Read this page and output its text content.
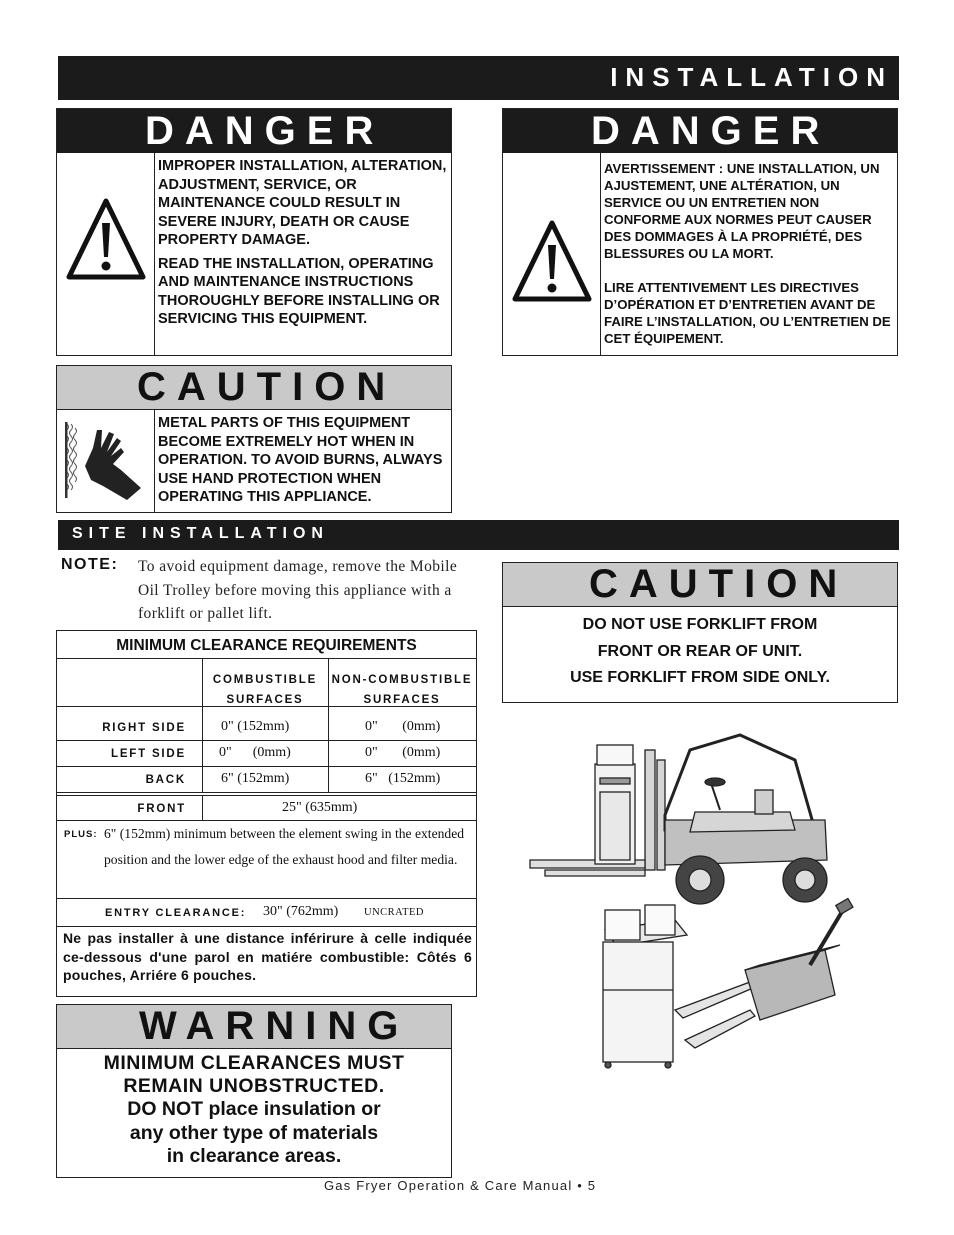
INSTALLATION
DANGER
IMPROPER INSTALLATION, ALTERATION, ADJUSTMENT, SERVICE, OR MAINTENANCE COULD RESULT IN SEVERE INJURY, DEATH OR CAUSE PROPERTY DAMAGE.
READ THE INSTALLATION, OPERATING AND MAINTENANCE INSTRUCTIONS THOROUGHLY BEFORE INSTALLING OR SERVICING THIS EQUIPMENT.
DANGER
AVERTISSEMENT : UNE INSTALLATION, UN AJUSTEMENT, UNE ALTÉRATION, UN SERVICE OU UN ENTRETIEN NON CONFORME AUX NORMES PEUT CAUSER DES DOMMAGES À LA PROPRIÉTÉ, DES BLESSURES OU LA MORT.
LIRE ATTENTIVEMENT LES DIRECTIVES D’OPÉRATION ET D’ENTRETIEN AVANT DE FAIRE L’INSTALLATION, OU L’ENTRETIEN DE CET ÉQUIPEMENT.
CAUTION
METAL PARTS OF THIS EQUIPMENT BECOME EXTREMELY HOT WHEN IN OPERATION. TO AVOID BURNS, ALWAYS USE HAND PROTECTION WHEN OPERATING THIS APPLIANCE.
SITE INSTALLATION
NOTE: To avoid equipment damage, remove the Mobile Oil Trolley before moving this appliance with a forklift or pallet lift.
CAUTION
DO NOT USE FORKLIFT FROM
FRONT OR REAR OF UNIT.
USE FORKLIFT FROM SIDE ONLY.
MINIMUM CLEARANCE REQUIREMENTS
COMBUSTIBLE
SURFACES
NON-COMBUSTIBLE
SURFACES
RIGHT SIDE	0" (152mm)	0"       (0mm)
LEFT SIDE 0"      (0mm)	0"       (0mm)
BACK	6" (152mm)	6"   (152mm)
FRONT	25" (635mm)
PLUS: 6" (152mm) minimum between the element swing in the extended position and the lower edge of the exhaust hood and filter media.
ENTRY CLEARANCE: 30" (762mm) UNCRATED
Ne pas installer à une distance inférirure à celle indiquée ce-dessous d'une parol en matiére combustible: Côtés 6 pouches, Arriére 6 pouches.
WARNING
MINIMUM CLEARANCES MUST
REMAIN UNOBSTRUCTED.
DO NOT place insulation or
any other type of materials
in clearance areas.
Gas Fryer Operation & Care Manual • 5
